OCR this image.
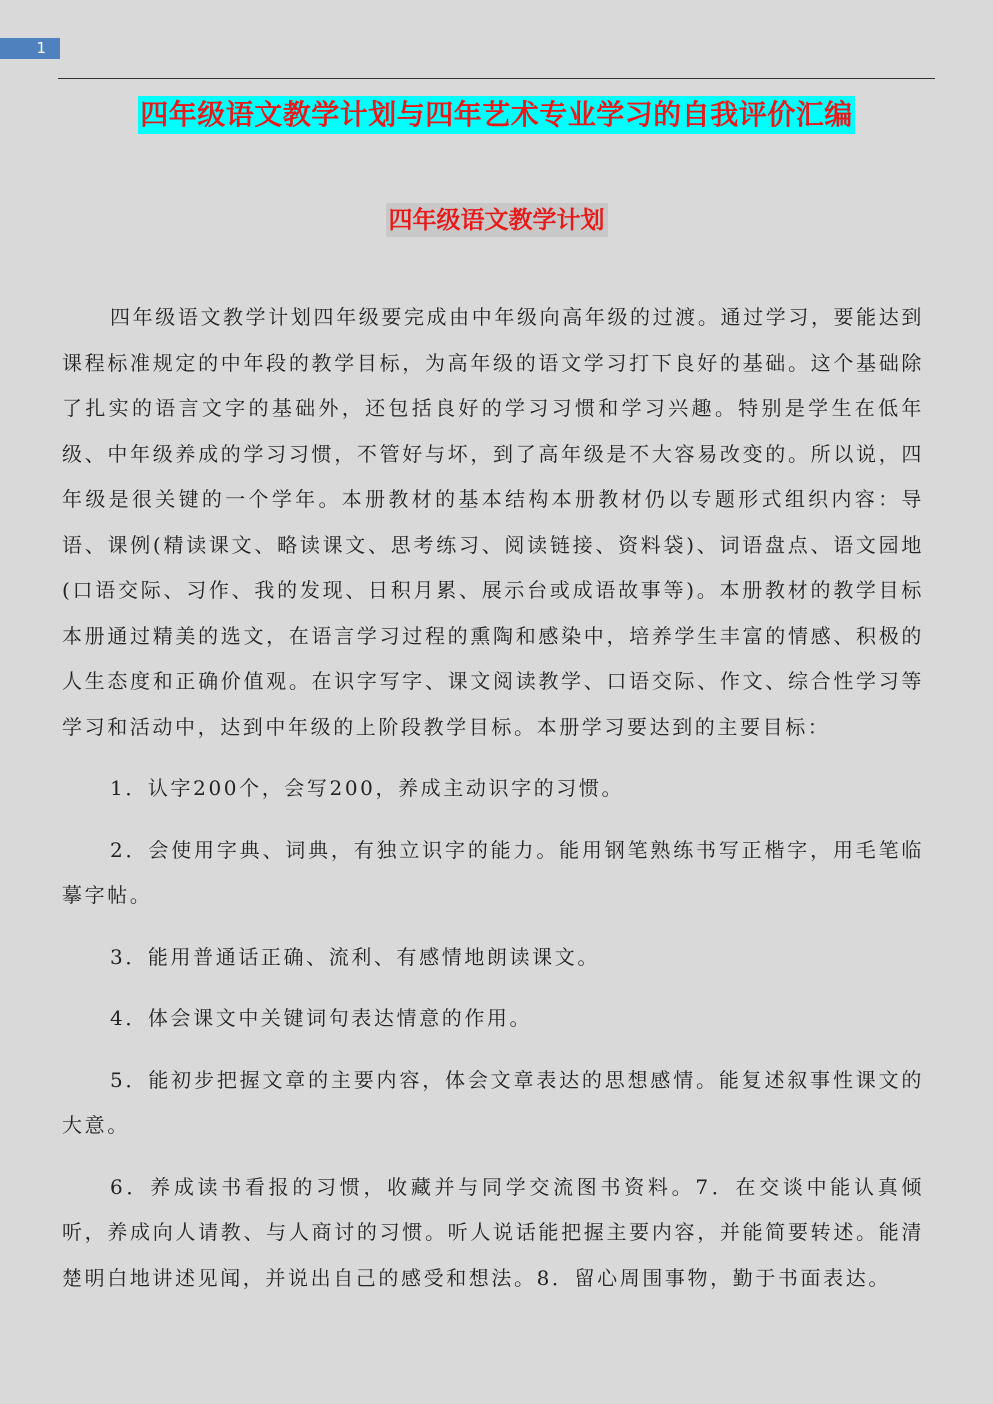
1
四年级语文教学计划与四年艺术专业学习的自我评价汇编
四年级语文教学计划

四年级语文教学计划四年级要完成由中年级向高年级的过渡。通过学习，要能达到课程标准规定的中年段的教学目标，为高年级的语文学习打下良好的基础。这个基础除了扎实的语言文字的基础外，还包括良好的学习习惯和学习兴趣。特别是学生在低年级、中年级养成的学习习惯，不管好与坏，到了高年级是不大容易改变的。所以说，四年级是很关键的一个学年。本册教材的基本结构本册教材仍以专题形式组织内容：导语、课例(精读课文、略读课文、思考练习、阅读链接、资料袋)、词语盘点、语文园地(口语交际、习作、我的发现、日积月累、展示台或成语故事等)。本册教材的教学目标本册通过精美的选文，在语言学习过程的熏陶和感染中，培养学生丰富的情感、积极的人生态度和正确价值观。在识字写字、课文阅读教学、口语交际、作文、综合性学习等学习和活动中，达到中年级的上阶段教学目标。本册学习要达到的主要目标：

1．认字200个，会写200，养成主动识字的习惯。

2．会使用字典、词典，有独立识字的能力。能用钢笔熟练书写正楷字，用毛笔临摹字帖。

3．能用普通话正确、流利、有感情地朗读课文。

4．体会课文中关键词句表达情意的作用。

5．能初步把握文章的主要内容，体会文章表达的思想感情。能复述叙事性课文的大意。

6．养成读书看报的习惯，收藏并与同学交流图书资料。7．在交谈中能认真倾听，养成向人请教、与人商讨的习惯。听人说话能把握主要内容，并能简要转述。能清楚明白地讲述见闻，并说出自己的感受和想法。8．留心周围事物，勤于书面表达。
